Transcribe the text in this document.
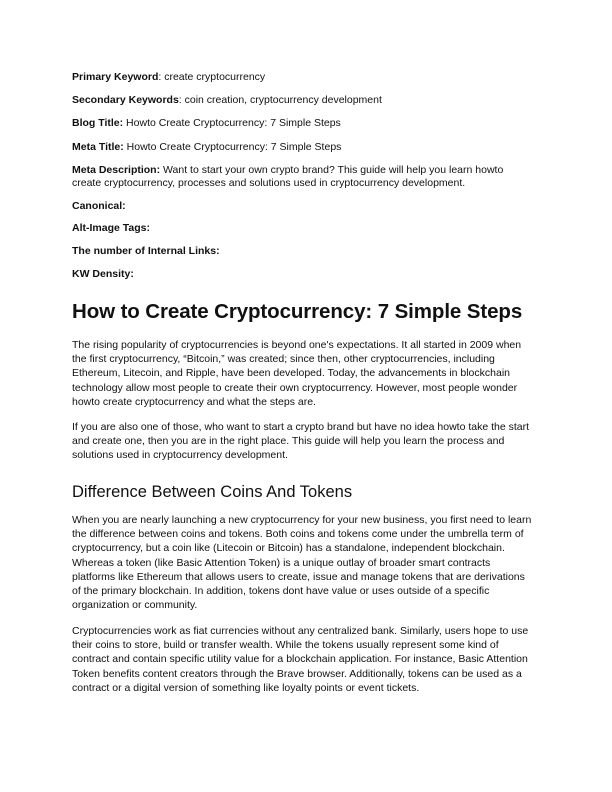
Primary Keyword: create cryptocurrency
Secondary Keywords: coin creation, cryptocurrency development
Blog Title: Howto Create Cryptocurrency: 7 Simple Steps
Meta Title: Howto Create Cryptocurrency: 7 Simple Steps
Meta Description: Want to start your own crypto brand? This guide will help you learn howto create cryptocurrency, processes and solutions used in cryptocurrency development.
Canonical:
Alt-Image Tags:
The number of Internal Links:
KW Density:
How to Create Cryptocurrency: 7 Simple Steps

The rising popularity of cryptocurrencies is beyond one's expectations. It all started in 2009 when the first cryptocurrency, “Bitcoin,” was created; since then, other cryptocurrencies, including Ethereum, Litecoin, and Ripple, have been developed. Today, the advancements in blockchain technology allow most people to create their own cryptocurrency. However, most people wonder howto create cryptocurrency and what the steps are.

If you are also one of those, who want to start a crypto brand but have no idea howto take the start and create one, then you are in the right place. This guide will help you learn the process and solutions used in cryptocurrency development.

Difference Between Coins And Tokens

When you are nearly launching a new cryptocurrency for your new business, you first need to learn the difference between coins and tokens. Both coins and tokens come under the umbrella term of cryptocurrency, but a coin like (Litecoin or Bitcoin) has a standalone, independent blockchain. Whereas a token (like Basic Attention Token) is a unique outlay of broader smart contracts platforms like Ethereum that allows users to create, issue and manage tokens that are derivations of the primary blockchain. In addition, tokens dont have value or uses outside of a specific organization or community.

Cryptocurrencies work as fiat currencies without any centralized bank. Similarly, users hope to use their coins to store, build or transfer wealth. While the tokens usually represent some kind of contract and contain specific utility value for a blockchain application. For instance, Basic Attention Token benefits content creators through the Brave browser. Additionally, tokens can be used as a contract or a digital version of something like loyalty points or event tickets.
